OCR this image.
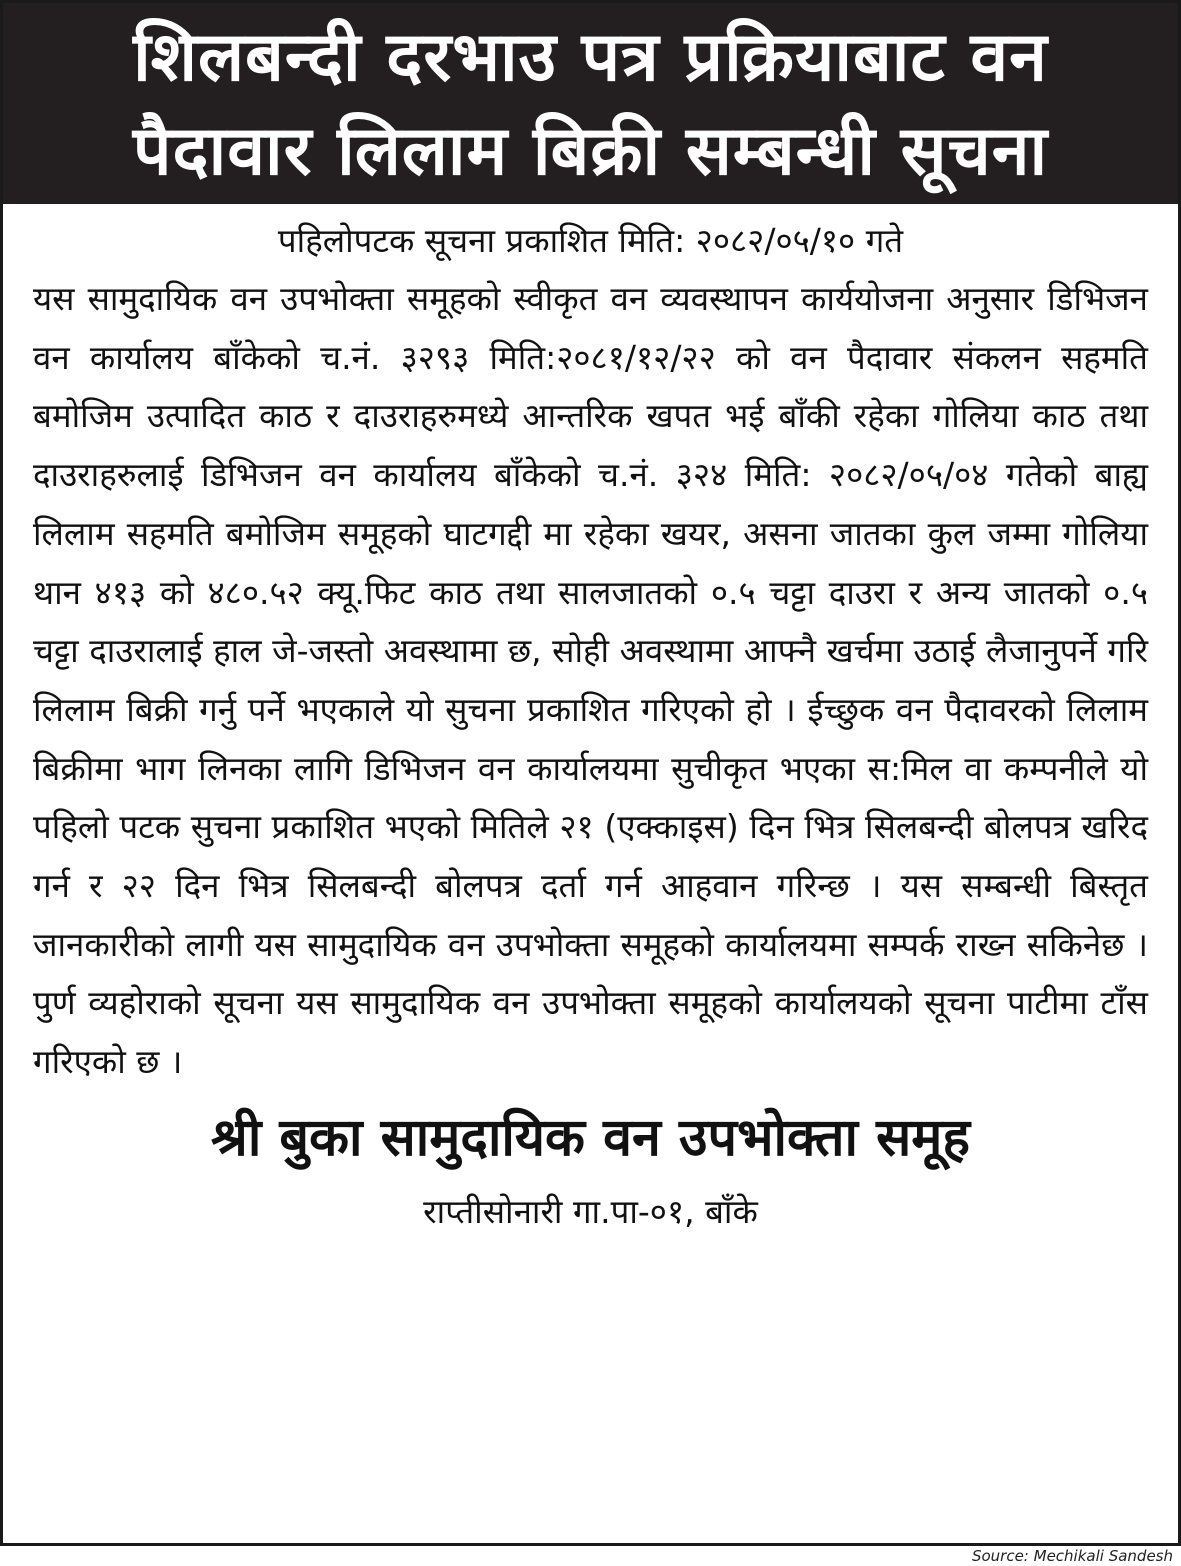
शिलबन्दी दरभाउ पत्र प्रक्रियाबाट वन
पैदावार लिलाम बिक्री सम्बन्धी सूचना
पहिलोपटक सूचना प्रकाशित मिति: २०८२/०५/१० गते

यस सामुदायिक वन उपभोक्ता समूहको स्वीकृत वन व्यवस्थापन कार्ययोजना अनुसार डिभिजन वन कार्यालय बाँकेको च.नं. ३२९३ मिति:२०८१/१२/२२ को वन पैदावार संकलन सहमति बमोजिम उत्पादित काठ र दाउराहरुमध्ये आन्तरिक खपत भई बाँकी रहेका गोलिया काठ तथा दाउराहरुलाई डिभिजन वन कार्यालय बाँकेको च.नं. ३२४ मिति: २०८२/०५/०४ गतेको बाह्य लिलाम सहमति बमोजिम समूहको घाटगद्दी मा रहेका खयर, असना जातका कुल जम्मा गोलिया थान ४१३ को ४८०.५२ क्यू.फिट काठ तथा सालजातको ०.५ चट्टा दाउरा र अन्य जातको ०.५ चट्टा दाउरालाई हाल जे-जस्तो अवस्थामा छ, सोही अवस्थामा आफ्नै खर्चमा उठाई लैजानुपर्ने गरि लिलाम बिक्री गर्नु पर्ने भएकाले यो सुचना प्रकाशित गरिएको हो । ईच्छुक वन पैदावरको लिलाम बिक्रीमा भाग लिनका लागि डिभिजन वन कार्यालयमा सुचीकृत भएका स:मिल वा कम्पनीले यो पहिलो पटक सुचना प्रकाशित भएको मितिले २१ (एक्काइस) दिन भित्र सिलबन्दी बोलपत्र खरिद गर्न र २२ दिन भित्र सिलबन्दी बोलपत्र दर्ता गर्न आहवान गरिन्छ । यस सम्बन्धी बिस्तृत जानकारीको लागी यस सामुदायिक वन उपभोक्ता समूहको कार्यालयमा सम्पर्क राख्न सकिनेछ । पुर्ण व्यहोराको सूचना यस सामुदायिक वन उपभोक्ता समूहको कार्यालयको सूचना पाटीमा टाँस गरिएको छ ।

श्री बुका सामुदायिक वन उपभोक्ता समूह
राप्तीसोनारी गा.पा-०१, बाँके
Source: Mechikali Sandesh
